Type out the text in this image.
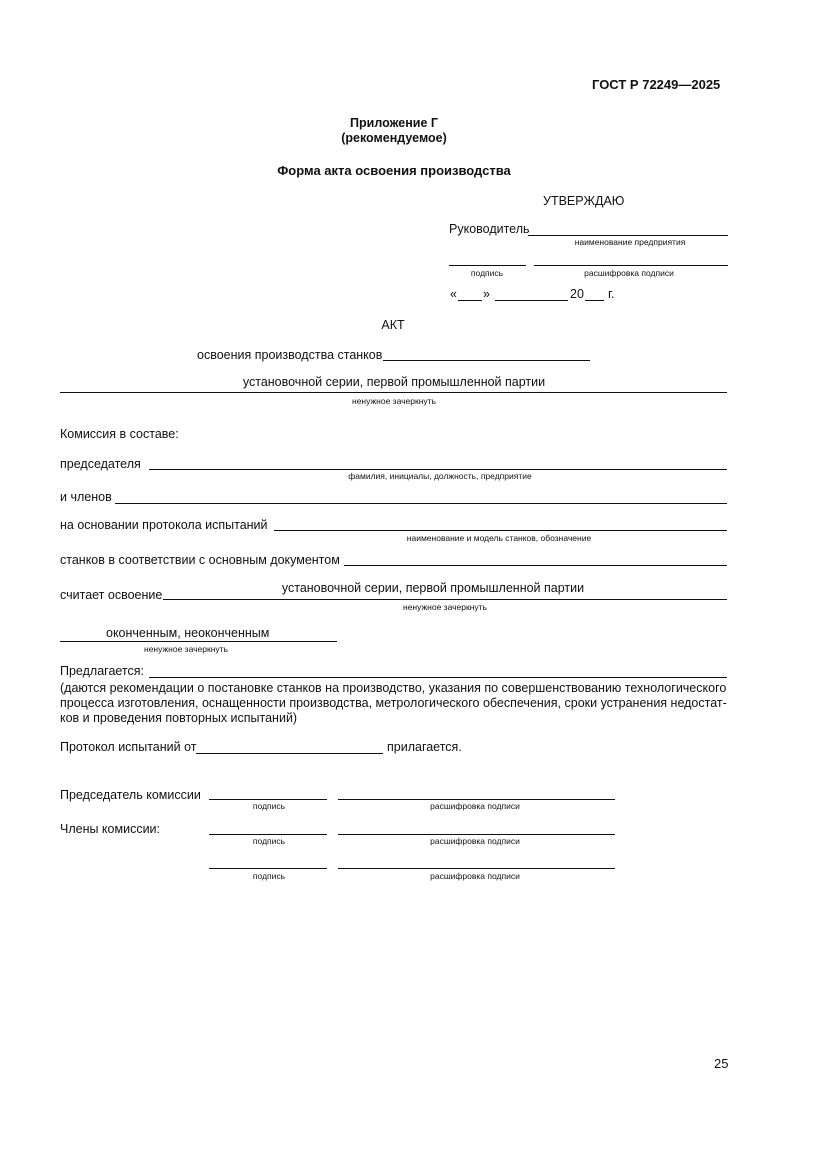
ГОСТ Р 72249—2025
Приложение Г
(рекомендуемое)
Форма акта освоения производства
УТВЕРЖДАЮ
Руководитель
наименование предприятия
подпись	расшифровка подписи
« »	20 г.
АКТ
освоения производства станков
установочной серии, первой промышленной партии
ненужное зачеркнуть
Комиссия в составе:
председателя
фамилия, инициалы, должность, предприятие
и членов
на основании протокола испытаний
наименование и модель станков, обозначение
станков в соответствии с основным документом
считает освоение	установочной серии, первой промышленной партии
ненужное зачеркнуть
оконченным, неоконченным
ненужное зачеркнуть
Предлагается:
(даются рекомендации о постановке станков на производство, указания по совершенствованию технологического
процесса изготовления, оснащенности производства, метрологического обеспечения, сроки устранения недостат-
ков и проведения повторных испытаний)
Протокол испытаний от	прилагается.
Председатель комиссии
подпись	расшифровка подписи
Члены комиссии:
подпись	расшифровка подписи
подпись	расшифровка подписи
25
